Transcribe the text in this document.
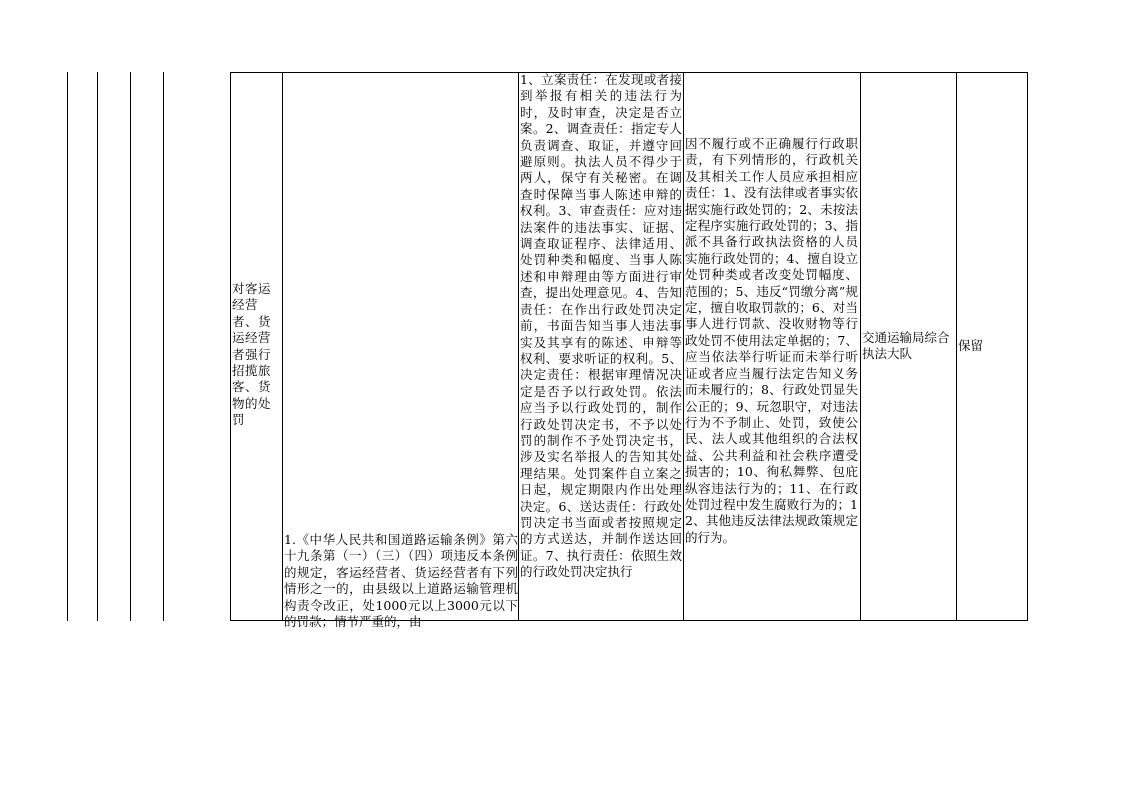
对客运经营者、货运经营者强行招揽旅客、货物的处罚
1.《中华人民共和国道路运输条例》第六十九条第（一）（三）（四）项违反本条例的规定，客运经营者、货运经营者有下列情形之一的，由县级以上道路运输管理机构责令改正，处1000元以上3000元以下的罚款；情节严重的，由
1、立案责任：在发现或者接到举报有相关的违法行为时，及时审查，决定是否立案。2、调查责任：指定专人负责调查、取证，并遵守回避原则。执法人员不得少于两人，保守有关秘密。在调查时保障当事人陈述申辩的权利。3、审查责任：应对违法案件的违法事实、证据、调查取证程序、法律适用、处罚种类和幅度、当事人陈述和申辩理由等方面进行审查，提出处理意见。4、告知责任：在作出行政处罚决定前，书面告知当事人违法事实及其享有的陈述、申辩等权利、要求听证的权利。5、决定责任：根据审理情况决定是否予以行政处罚。依法应当予以行政处罚的，制作行政处罚决定书，不予以处罚的制作不予处罚决定书，涉及实名举报人的告知其处理结果。处罚案件自立案之日起，规定期限内作出处理决定。6、送达责任：行政处罚决定书当面或者按照规定的方式送达，并制作送达回证。7、执行责任：依照生效的行政处罚决定执行
因不履行或不正确履行行政职责，有下列情形的，行政机关及其相关工作人员应承担相应责任：1、没有法律或者事实依据实施行政处罚的；2、未按法定程序实施行政处罚的；3、指派不具备行政执法资格的人员实施行政处罚的；4、擅自设立处罚种类或者改变处罚幅度、范围的；5、违反“罚缴分离”规定，擅自收取罚款的；6、对当事人进行罚款、没收财物等行政处罚不使用法定单据的；7、应当依法举行听证而未举行听证或者应当履行法定告知义务而未履行的；8、行政处罚显失公正的；9、玩忽职守，对违法行为不予制止、处罚，致使公民、法人或其他组织的合法权益、公共利益和社会秩序遭受损害的；10、徇私舞弊、包庇纵容违法行为的；11、在行政处罚过程中发生腐败行为的；12、其他违反法律法规政策规定的行为。
交通运输局综合执法大队
保留
